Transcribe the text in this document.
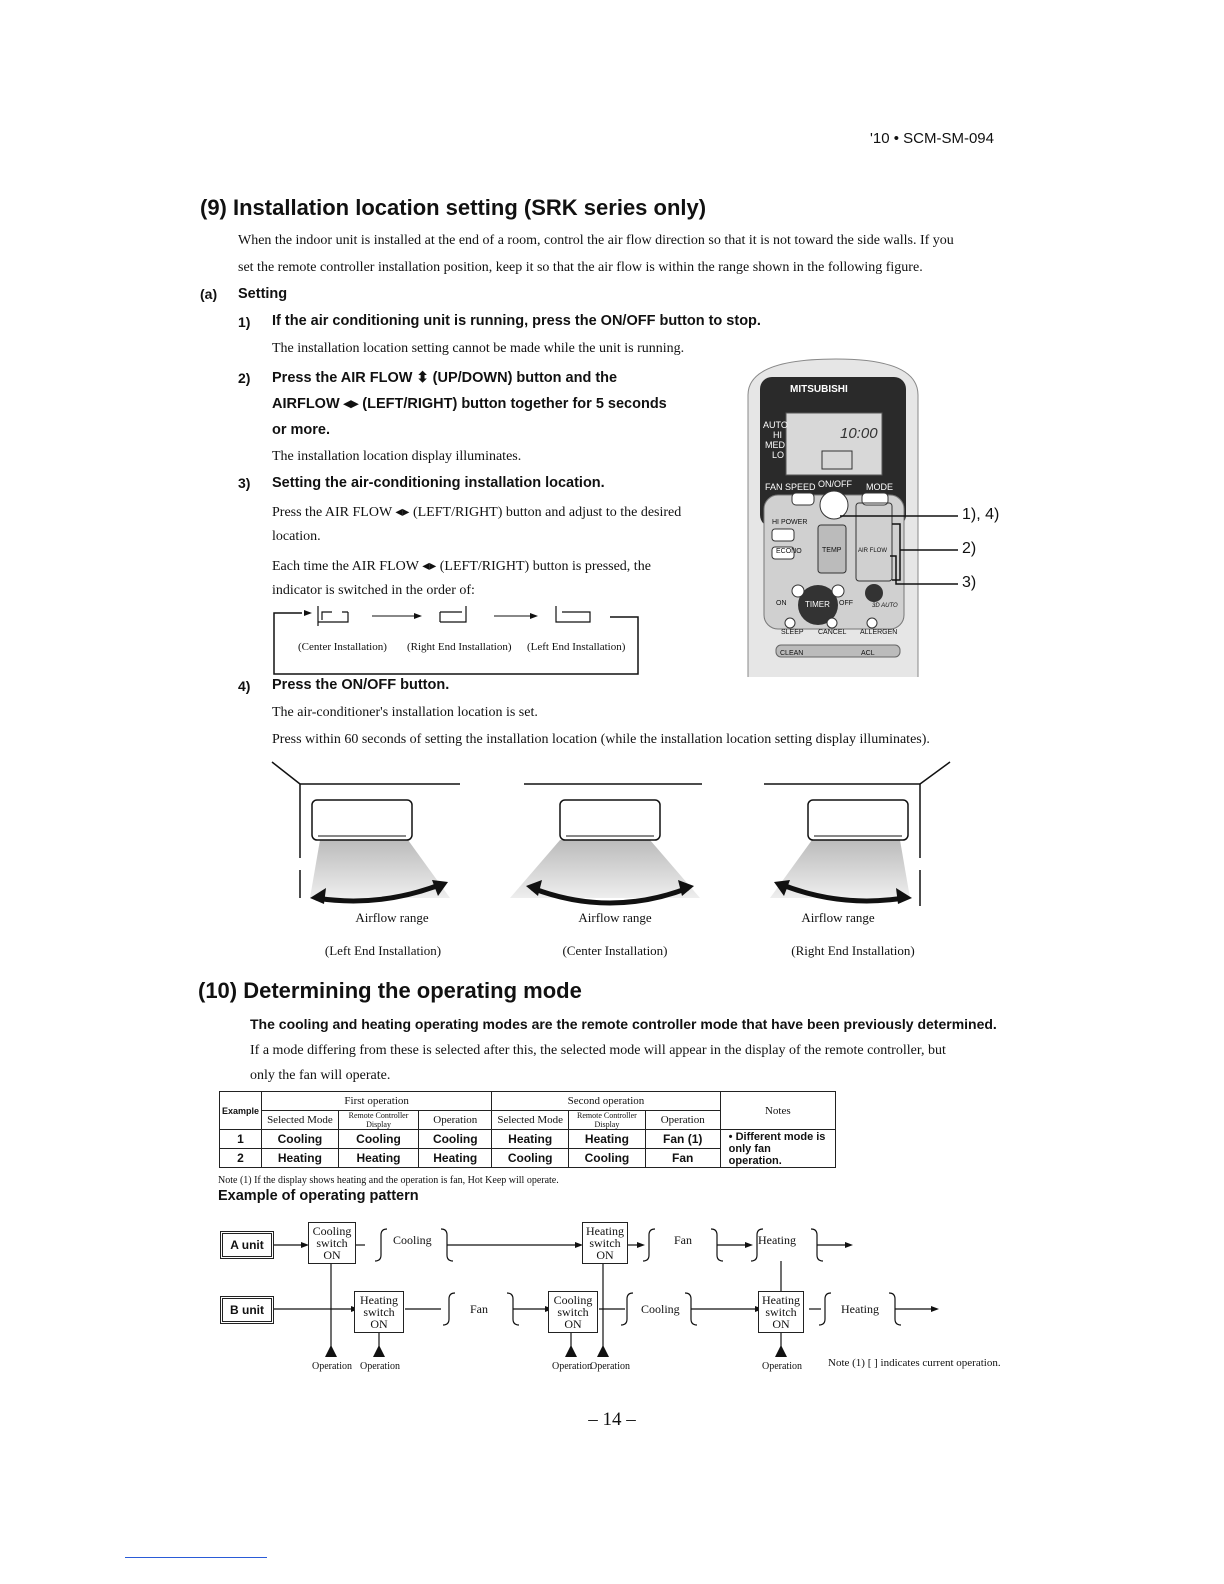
'10 • SCM-SM-094
(9) Installation location setting (SRK series only)
When the indoor unit is installed at the end of a room, control the air flow direction so that it is not toward the side walls. If you
set the remote controller installation position, keep it so that the air flow is within the range shown in the following figure.
(a) Setting
1) If the air conditioning unit is running, press the ON/OFF button to stop.
The installation location setting cannot be made while the unit is running.
2) Press the AIR FLOW ⬍ (UP/DOWN) button and the
AIRFLOW ◂▸ (LEFT/RIGHT) button together for 5 seconds
or more.
The installation location display illuminates.
3) Setting the air-conditioning installation location.
Press the AIR FLOW ◂▸ (LEFT/RIGHT) button and adjust to the desired
location.
Each time the AIR FLOW ◂▸ (LEFT/RIGHT) button is pressed, the
indicator is switched in the order of:
(Center Installation) (Right End Installation) (Left End Installation)
4) Press the ON/OFF button.
The air-conditioner's installation location is set.
Press within 60 seconds of setting the installation location (while the installation location setting display illuminates).
MITSUBISHI
10:00
AUTO
HI
MED
LO
FAN SPEED ON/OFF MODE
HI POWER
ECONO	TEMP	AIR FLOW
ON TIMER OFF	3D AUTO
SLEEP CANCEL ALLERGEN
CLEAN	ACL
1), 4)
2)
3)
Airflow range	Airflow range	Airflow range
(Left End Installation)	(Center Installation)	(Right End Installation)
(10) Determining the operating mode
The cooling and heating operating modes are the remote controller mode that have been previously determined.
If a mode differing from these is selected after this, the selected mode will appear in the display of the remote controller, but
only the fan will operate.
Example	First operation			Second operation			Notes
	Selected Mode	Remote Controller Display	Operation	Selected Mode	Remote Controller Display	Operation	
1	Cooling	Cooling	Cooling	Heating	Heating	Fan (1)	• Different mode is only fan operation.
2	Heating	Heating	Heating	Cooling	Cooling	Fan	
Note (1) If the display shows heating and the operation is fan, Hot Keep will operate.
Example of operating pattern
A unit
B unit
Cooling switch ON
Cooling
Heating switch ON
Fan	Heating
Heating switch ON
Fan
Cooling switch ON
Cooling
Heating switch ON
Heating
Operation Operation	Operation
Operation	Operation Note (1) [ ] indicates current operation.
– 14 –
